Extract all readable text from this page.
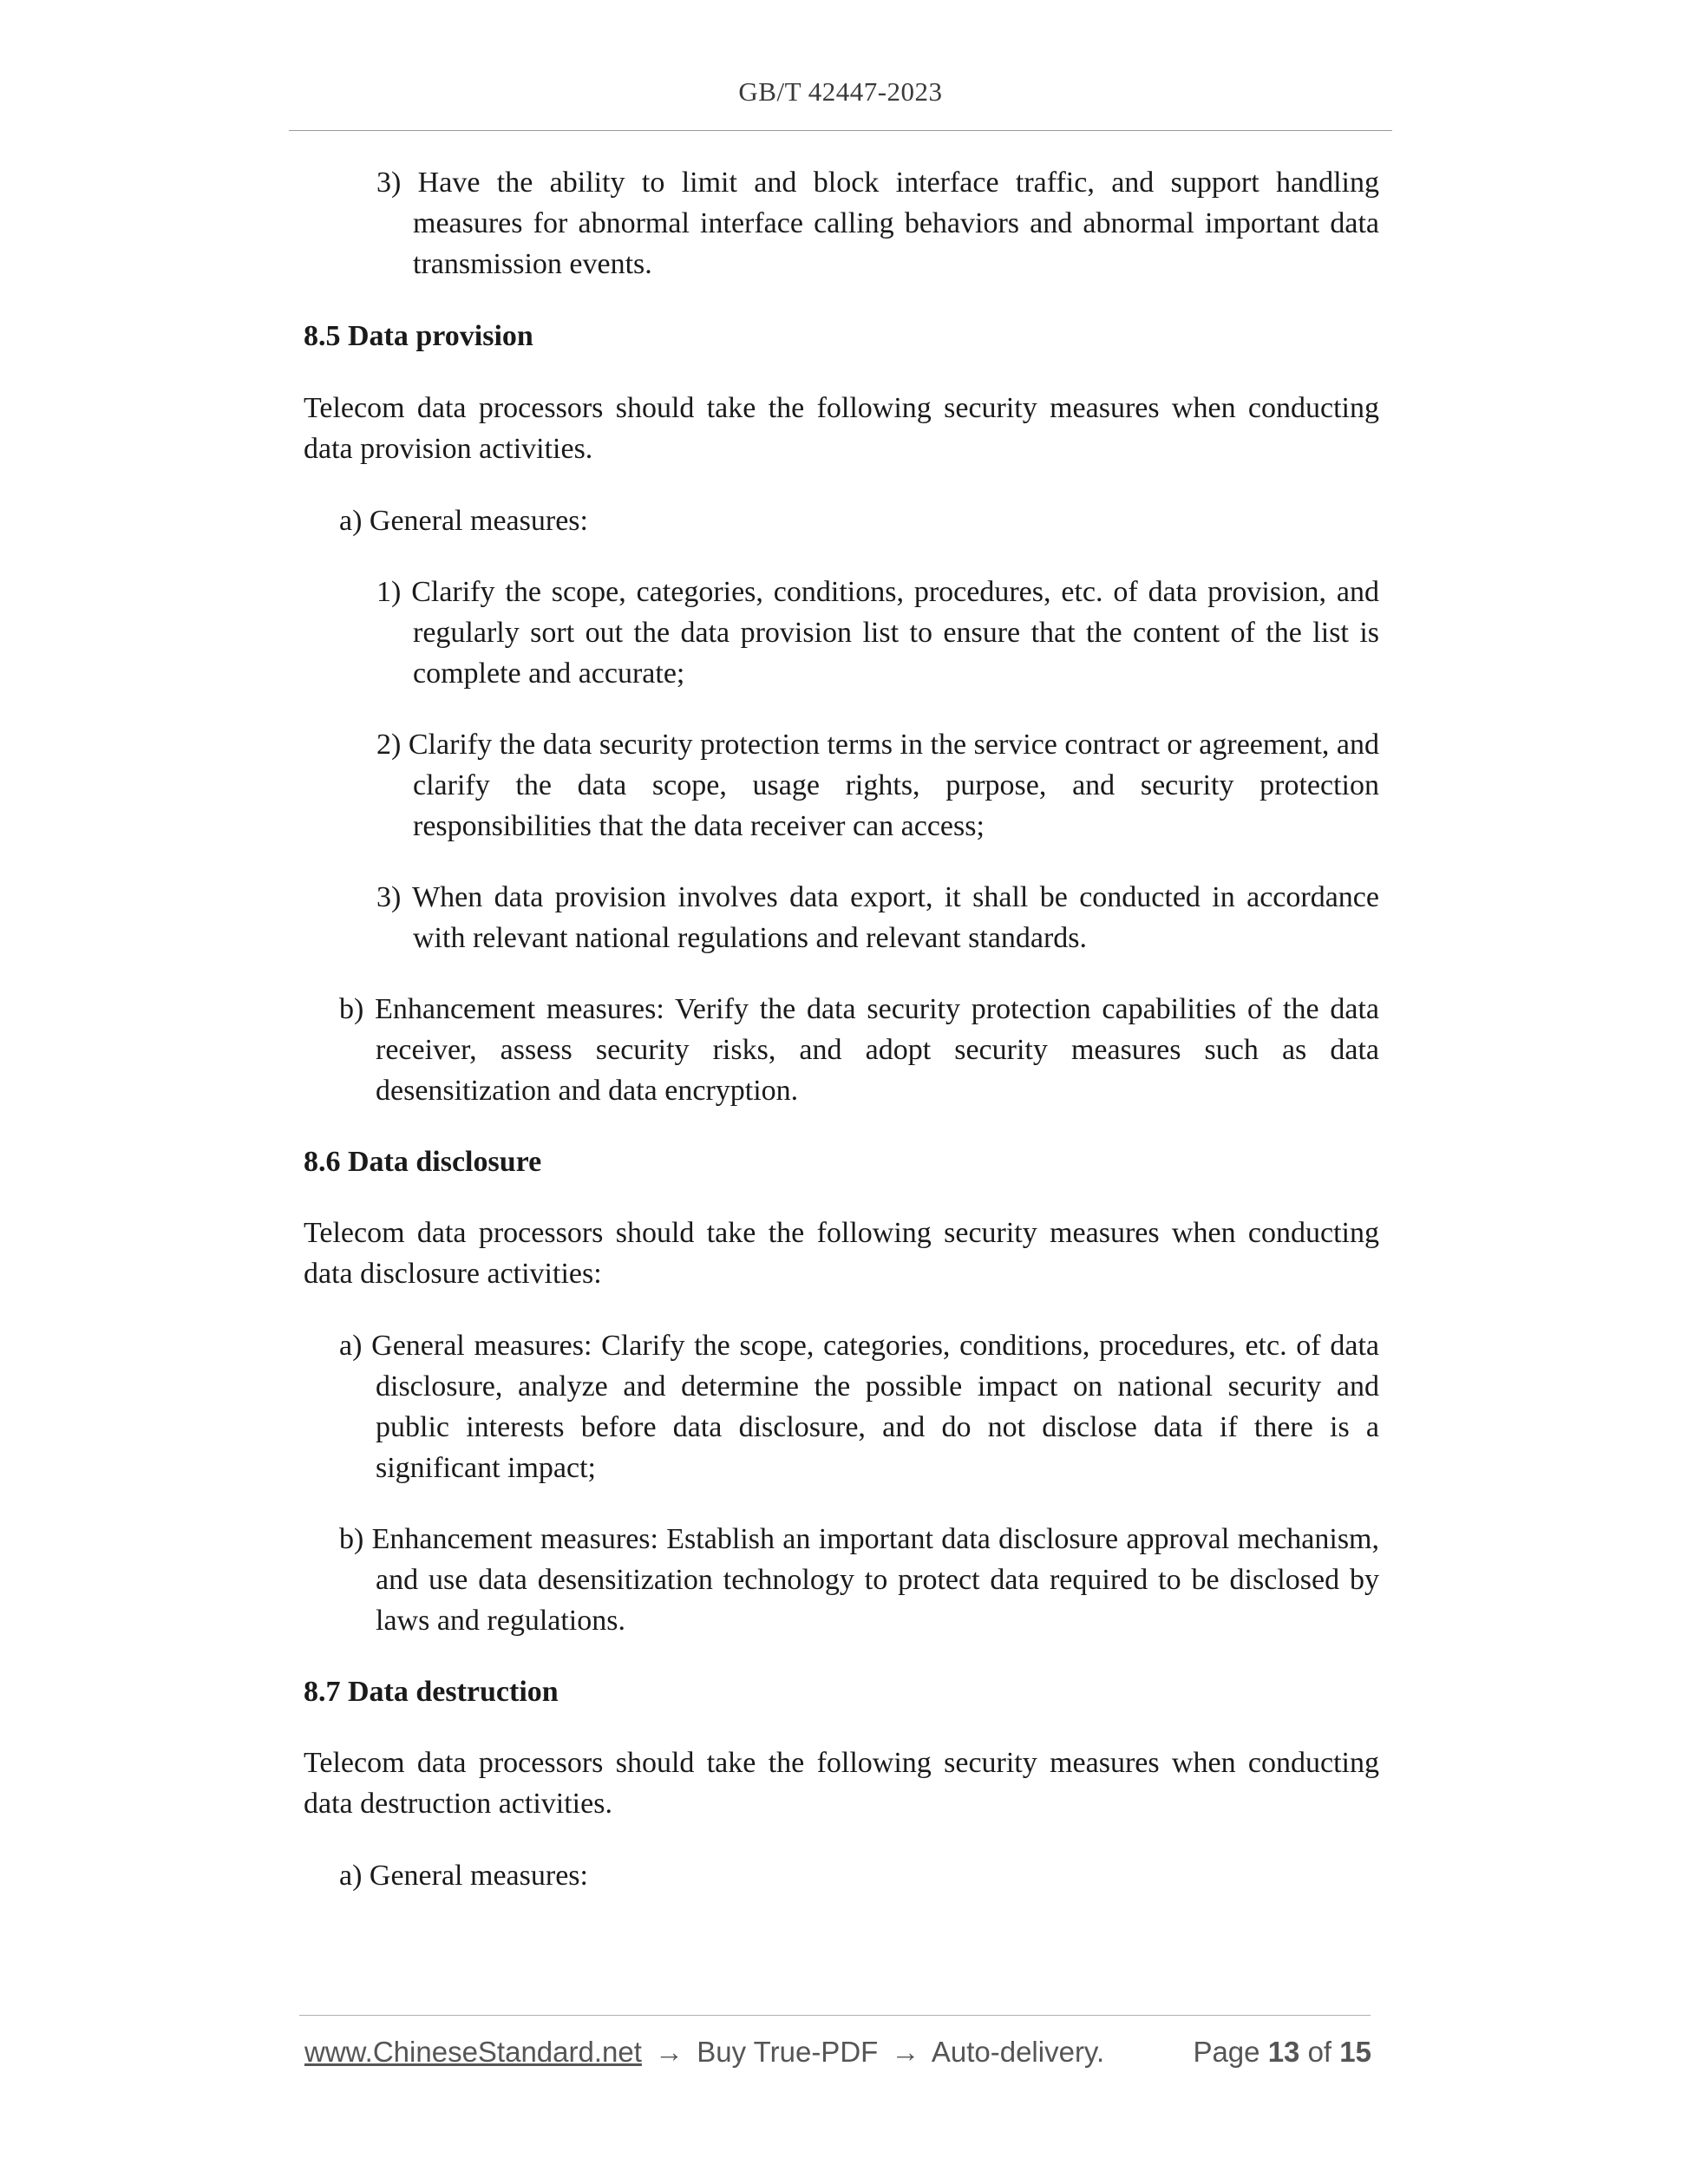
GB/T 42447-2023

3) Have the ability to limit and block interface traffic, and support handling measures for abnormal interface calling behaviors and abnormal important data transmission events.

8.5 Data provision

Telecom data processors should take the following security measures when conducting data provision activities.

a) General measures:

1) Clarify the scope, categories, conditions, procedures, etc. of data provision, and regularly sort out the data provision list to ensure that the content of the list is complete and accurate;

2) Clarify the data security protection terms in the service contract or agreement, and clarify the data scope, usage rights, purpose, and security protection responsibilities that the data receiver can access;

3) When data provision involves data export, it shall be conducted in accordance with relevant national regulations and relevant standards.

b) Enhancement measures: Verify the data security protection capabilities of the data receiver, assess security risks, and adopt security measures such as data desensitization and data encryption.

8.6 Data disclosure

Telecom data processors should take the following security measures when conducting data disclosure activities:

a) General measures: Clarify the scope, categories, conditions, procedures, etc. of data disclosure, analyze and determine the possible impact on national security and public interests before data disclosure, and do not disclose data if there is a significant impact;

b) Enhancement measures: Establish an important data disclosure approval mechanism, and use data desensitization technology to protect data required to be disclosed by laws and regulations.

8.7 Data destruction

Telecom data processors should take the following security measures when conducting data destruction activities.

a) General measures:

www.ChineseStandard.net → Buy True-PDF → Auto-delivery.	Page 13 of 15
